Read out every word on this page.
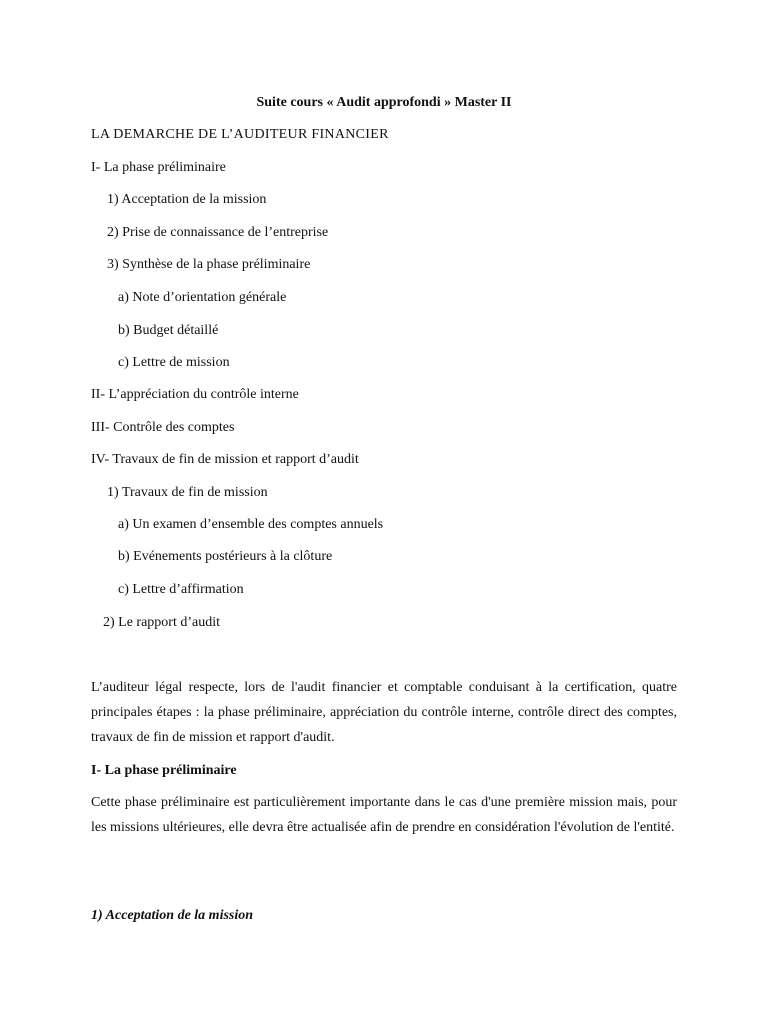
Suite cours « Audit approfondi » Master II

LA DEMARCHE DE L’AUDITEUR FINANCIER

I- La phase préliminaire

1) Acceptation de la mission

2) Prise de connaissance de l’entreprise

3) Synthèse de la phase préliminaire

a) Note d’orientation générale

b) Budget détaillé

c) Lettre de mission

II- L’appréciation du contrôle interne

III- Contrôle des comptes

IV- Travaux de fin de mission et rapport d’audit

1) Travaux de fin de mission

a) Un examen d’ensemble des comptes annuels

b) Evénements postérieurs à la clôture

c) Lettre d’affirmation

2) Le rapport d’audit

L’auditeur légal respecte, lors de l'audit financier et comptable conduisant à la certification, quatre principales étapes : la phase préliminaire, appréciation du contrôle interne, contrôle direct des comptes, travaux de fin de mission et rapport d'audit.

I- La phase préliminaire

Cette phase préliminaire est particulièrement importante dans le cas d'une première mission mais, pour les missions ultérieures, elle devra être actualisée afin de prendre en considération l'évolution de l'entité.

1) Acceptation de la mission
